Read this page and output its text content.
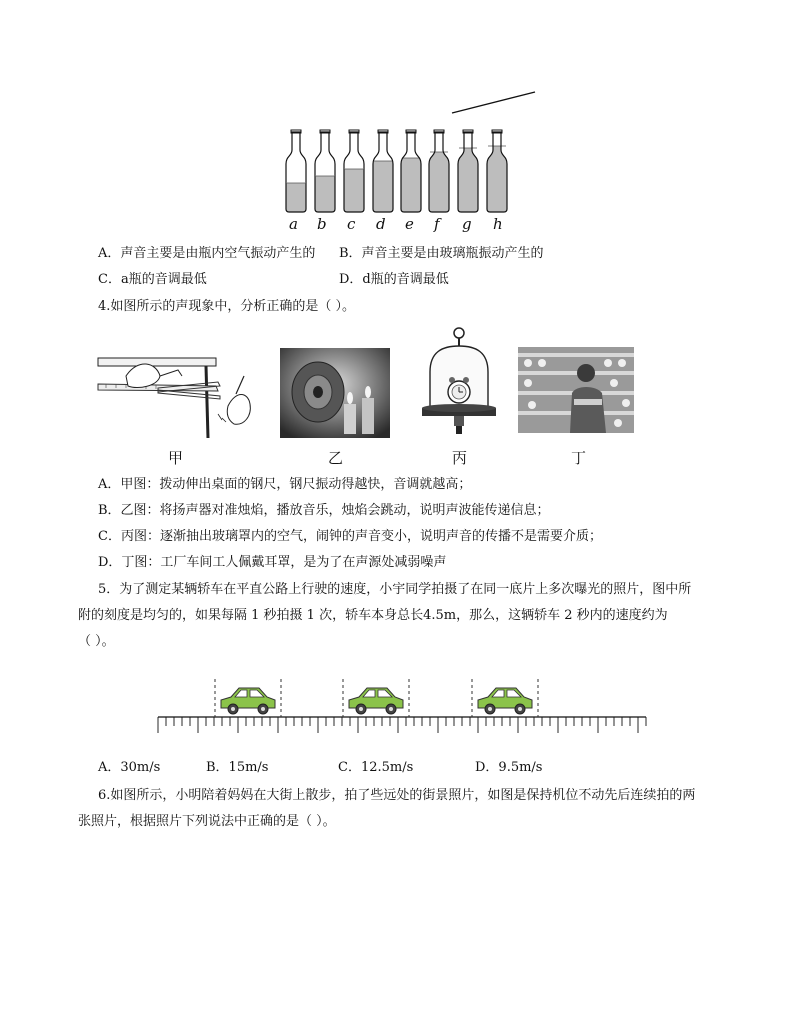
a b c d e f g h
A．声音主要是由瓶内空气振动产生的 B．声音主要是由玻璃瓶振动产生的
C．a瓶的音调最低	D．d瓶的音调最低
4.如图所示的声现象中，分析正确的是（ ）。
甲	乙	丙	丁
A．甲图：拨动伸出桌面的钢尺，钢尺振动得越快，音调就越高；
B．乙图：将扬声器对准烛焰，播放音乐，烛焰会跳动，说明声波能传递信息；
C．丙图：逐渐抽出玻璃罩内的空气，闹钟的声音变小，说明声音的传播不是需要介质；
D．丁图：工厂车间工人佩戴耳罩，是为了在声源处减弱噪声
5．为了测定某辆轿车在平直公路上行驶的速度，小宇同学拍摄了在同一底片上多次曝光的照片，图中所
附的刻度是均匀的，如果每隔 1 秒拍摄 1 次，轿车本身总长4.5m，那么，这辆轿车 2 秒内的速度约为
（ ）。
A．30m/s	B．15m/s	C．12.5m/s	D．9.5m/s
6.如图所示，小明陪着妈妈在大街上散步，拍了些远处的街景照片，如图是保持机位不动先后连续拍的两
张照片，根据照片下列说法中正确的是（ ）。
